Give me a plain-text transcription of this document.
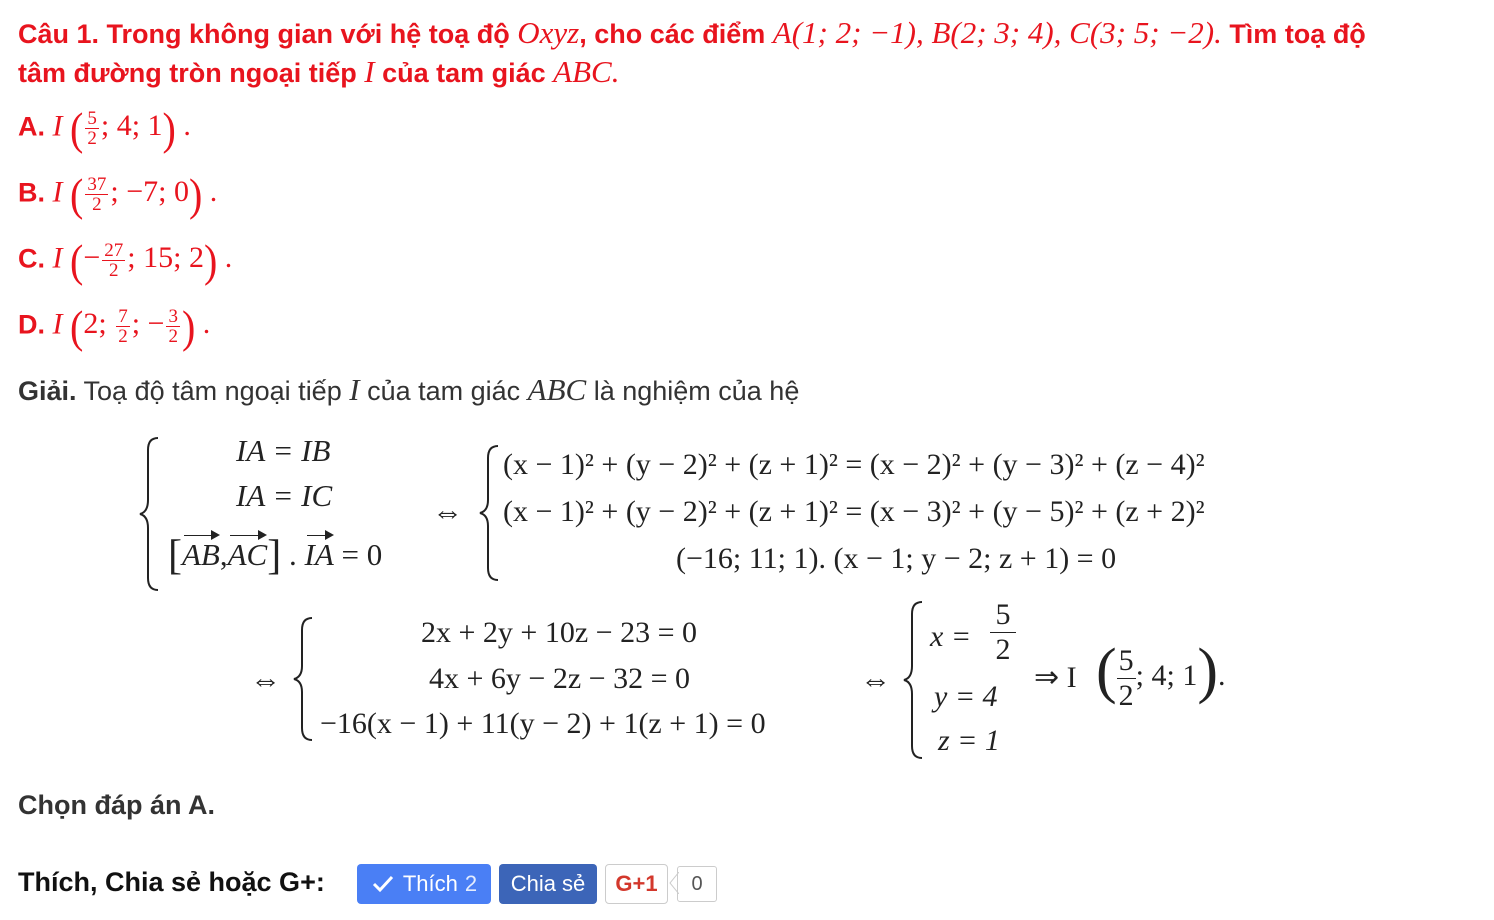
Câu 1. Trong không gian với hệ toạ độ Oxyz, cho các điểm A(1; 2; −1), B(2; 3; 4), C(3; 5; −2). Tìm toạ độ
tâm đường tròn ngoại tiếp I của tam giác ABC.
A. I ( $\frac{5}{2}$ ; 4; 1) .
B. I ( $\frac{37}{2}$ ; −7; 0) .
C. I (− $\frac{27}{2}$ ; 15; 2) .
D. I (2; $\frac{7}{2}$ ; − $\frac{3}{2}$ ) .
Giải. Toạ độ tâm ngoại tiếp I của tam giác ABC là nghiệm của hệ
IA = IB
IA = IC
[AB,AC] . IA = 0
⇔
(x − 1)² + (y − 2)² + (z + 1)² = (x − 2)² + (y − 3)² + (z − 4)²
(x − 1)² + (y − 2)² + (z + 1)² = (x − 3)² + (y − 5)² + (z + 2)²
(−16; 11; 1). (x − 1; y − 2; z + 1) = 0
⇔
2x + 2y + 10z − 23 = 0
4x + 6y − 2z − 32 = 0
−16(x − 1) + 11(y − 2) + 1(z + 1) = 0
⇔
x =
5
2
y = 4
z = 1
⇒ I ( $\frac{5}{2}$ ; 4; 1).
Chọn đáp án A.
Thích, Chia sẻ hoặc G+:	Thích 2 Chia sẻ G+1	0
